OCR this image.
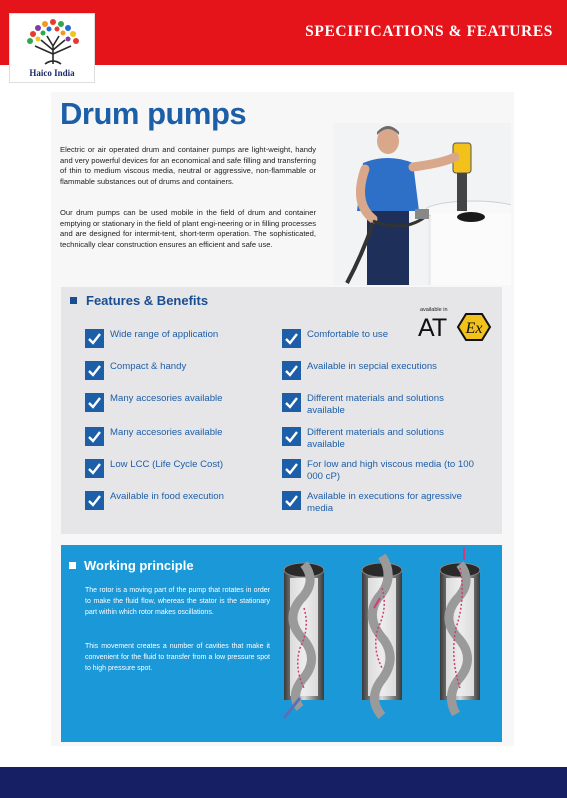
SPECIFICATIONS & FEATURES
Haico India
Drum pumps

Electric or air operated drum and container pumps are light-weight, handy and very powerful devices for an economical and safe filling and transferring of thin to medium viscous media, neutral or aggressive, non-flammable or flammable substances out of drums and containers.

Our drum pumps can be used mobile in the field of drum and container emptying or stationary in the field of plant engi-neering or in filling processes and are designed for intermit-tent, short-term operation. The sophisticated, technically clear construction ensures an efficient and safe use.

Features & Benefits
available in
AT Ex
Wide range of application
Compact & handy
Many accesories available
Many accesories available
Low LCC (Life Cycle Cost)
Available in food execution
Comfortable to use
Available in sepcial executions
Different materials and solutions available
Different materials and solutions available
For low and high viscous media (to 100 000 cP)
Available in executions for agressive media
Working principle

The rotor is a moving part of the pump that rotates in order to make the fluid flow, whereas the stator is the stationary part within which rotor makes oscillations.

This movement creates a number of cavities that make it convenient for the fluid to transfer from a low pressure spot to high pressure spot.
